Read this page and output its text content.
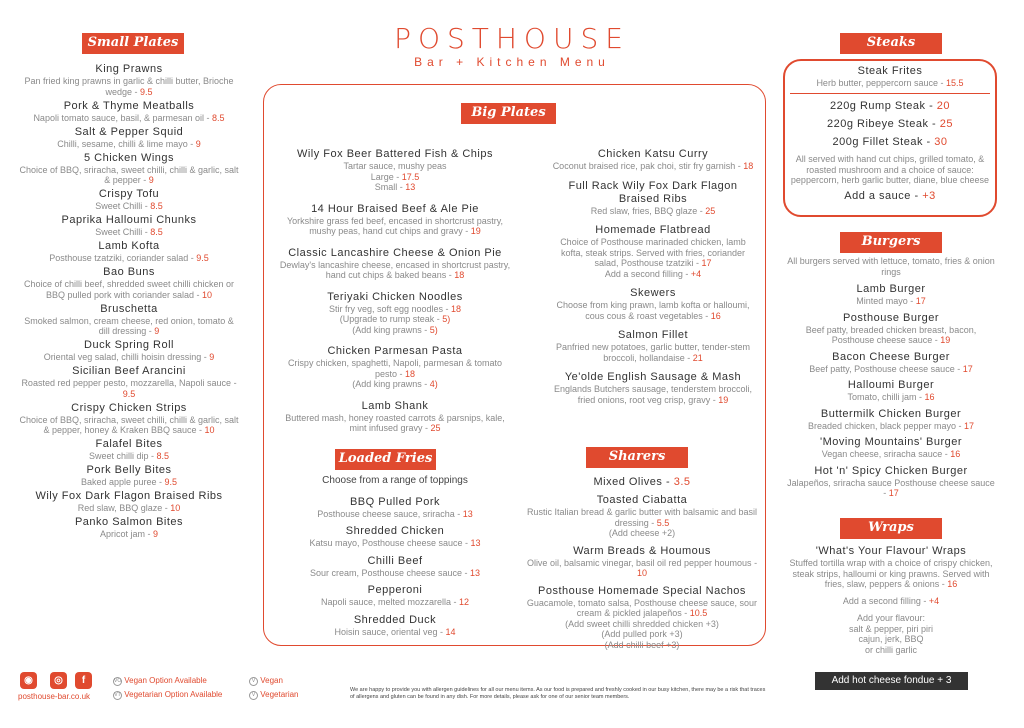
POSTHOUSE
Bar + Kitchen Menu
Small Plates
King Prawns
Pan fried king prawns in garlic & chilli butter, Brioche wedge - 9.5
Pork & Thyme Meatballs
Napoli tomato sauce, basil, & parmesan oil - 8.5
Salt & Pepper Squid
Chilli, sesame, chilli & lime mayo - 9
5 Chicken Wings
Choice of BBQ, sriracha, sweet chilli, chilli & garlic, salt & pepper - 9
Crispy Tofu
Sweet Chilli - 8.5
Paprika Halloumi Chunks
Sweet Chilli - 8.5
Lamb Kofta
Posthouse tzatziki, coriander salad - 9.5
Bao Buns
Choice of chilli beef, shredded sweet chilli chicken or BBQ pulled pork with coriander salad - 10
Bruschetta
Smoked salmon, cream cheese, red onion, tomato & dill dressing - 9
Duck Spring Roll
Oriental veg salad, chilli hoisin dressing - 9
Sicilian Beef Arancini
Roasted red pepper pesto, mozzarella, Napoli sauce - 9.5
Crispy Chicken Strips
Choice of BBQ, sriracha, sweet chilli, chilli & garlic, salt & pepper, honey & Kraken BBQ sauce - 10
Falafel Bites
Sweet chilli dip - 8.5
Pork Belly Bites
Baked apple puree - 9.5
Wily Fox Dark Flagon Braised Ribs
Red slaw, BBQ glaze - 10
Panko Salmon Bites
Apricot jam - 9
Big Plates
Wily Fox Beer Battered Fish & Chips
Tartar sauce, mushy peas
Large - 17.5
Small - 13
14 Hour Braised Beef & Ale Pie
Yorkshire grass fed beef, encased in shortcrust pastry, mushy peas, hand cut chips and gravy - 19
Classic Lancashire Cheese & Onion Pie
Dewlay's lancashire cheese, encased in shortcrust pastry, hand cut chips & baked beans - 18
Teriyaki Chicken Noodles
Stir fry veg, soft egg noodles - 18
(Upgrade to rump steak - 5)
(Add king prawns - 5)
Chicken Parmesan Pasta
Crispy chicken, spaghetti, Napoli, parmesan & tomato pesto - 18
(Add king prawns - 4)
Lamb Shank
Buttered mash, honey roasted carrots & parsnips, kale, mint infused gravy - 25
Chicken Katsu Curry
Coconut braised rice, pak choi, stir fry garnish - 18
Full Rack Wily Fox Dark Flagon Braised Ribs
Red slaw, fries, BBQ glaze - 25
Homemade Flatbread
Choice of Posthouse marinaded chicken, lamb kofta, steak strips. Served with fries, coriander salad, Posthouse tzatziki - 17
Add a second filling - +4
Skewers
Choose from king prawn, lamb kofta or halloumi, cous cous & roast vegetables - 16
Salmon Fillet
Panfried new potatoes, garlic butter, tender-stem broccoli, hollandaise - 21
Ye'olde English Sausage & Mash
Englands Butchers sausage, tenderstem broccoli, fried onions, root veg crisp, gravy - 19
Loaded Fries
Choose from a range of toppings
BBQ Pulled Pork
Posthouse cheese sauce, sriracha - 13
Shredded Chicken
Katsu mayo, Posthouse cheese sauce - 13
Chilli Beef
Sour cream, Posthouse cheese sauce - 13
Pepperoni
Napoli sauce, melted mozzarella - 12
Shredded Duck
Hoisin sauce, oriental veg - 14
Sharers
Mixed Olives - 3.5
Toasted Ciabatta
Rustic Italian bread & garlic butter with balsamic and basil dressing - 5.5
(Add cheese +2)
Warm Breads & Houmous
Olive oil, balsamic vinegar, basil oil red pepper houmous - 10
Posthouse Homemade Special Nachos
Guacamole, tomato salsa, Posthouse cheese sauce, sour cream & pickled jalapeños - 10.5
(Add sweet chilli shredded chicken +3)
(Add pulled pork +3)
(Add chilli beef +3)
Steaks
Steak Frites
Herb butter, peppercorn sauce - 15.5
220g Rump Steak - 20
220g Ribeye Steak - 25
200g Fillet Steak - 30
All served with hand cut chips, grilled tomato, & roasted mushroom and a choice of sauce: peppercorn, herb garlic butter, diane, blue cheese
Add a sauce - +3
Burgers
All burgers served with lettuce, tomato, fries & onion rings
Lamb Burger
Minted mayo - 17
Posthouse Burger
Beef patty, breaded chicken breast, bacon, Posthouse cheese sauce - 19
Bacon Cheese Burger
Beef patty, Posthouse cheese sauce - 17
Halloumi Burger
Tomato, chilli jam - 16
Buttermilk Chicken Burger
Breaded chicken, black pepper mayo - 17
'Moving Mountains' Burger
Vegan cheese, sriracha sauce - 16
Hot 'n' Spicy Chicken Burger
Jalapeños, sriracha sauce Posthouse cheese sauce - 17
Wraps
'What's Your Flavour' Wraps
Stuffed tortilla wrap with a choice of crispy chicken, steak strips, halloumi or king prawns. Served with fries, slaw, peppers & onions - 16
Add a second filling - +4
Add your flavour:
salt & pepper, piri piri
cajun, jerk, BBQ
or chilli garlic
Add hot cheese fondue + 3
◉	◎	f
posthouse-bar.co.uk
VO Vegan Option Available
VT Vegetarian Option Available
V Vegan
V Vegetarian	We are happy to provide you with allergen guidelines for all our menu items. As our food is prepared and freshly cooked in our busy kitchen, there may be a risk that traces of allergens and gluten can be found in any dish. For more details, please ask for one of our senior team members.
